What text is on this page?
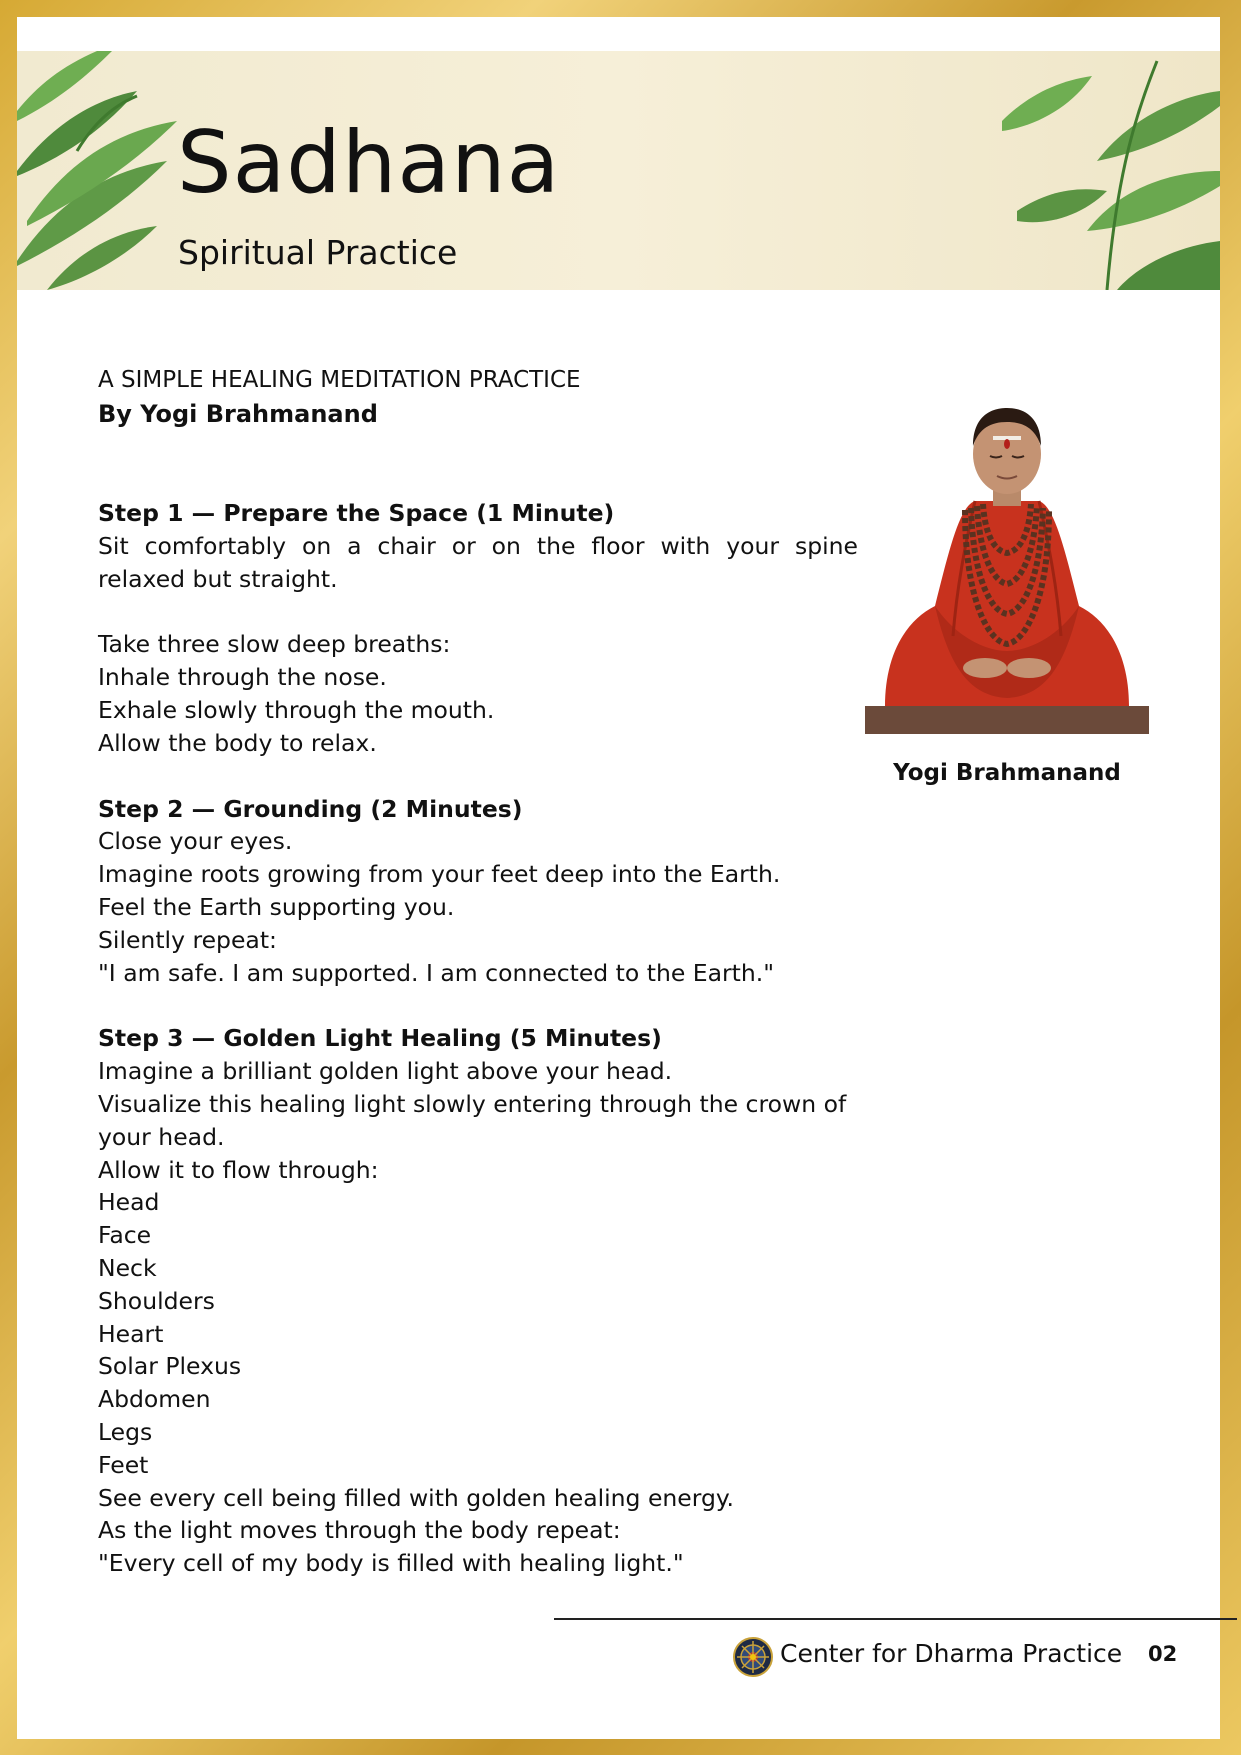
Sadhana

Spiritual Practice

A SIMPLE HEALING MEDITATION PRACTICE
By Yogi Brahmanand

Step 1 — Prepare the Space (1 Minute)

Sit comfortably on a chair or on the floor with your spine relaxed but straight.

Take three slow deep breaths:

Inhale through the nose.

Exhale slowly through the mouth.

Allow the body to relax.

Step 2 — Grounding (2 Minutes)

Close your eyes.

Imagine roots growing from your feet deep into the Earth.

Feel the Earth supporting you.

Silently repeat:

"I am safe. I am supported. I am connected to the Earth."

Step 3 — Golden Light Healing (5 Minutes)

Imagine a brilliant golden light above your head.

Visualize this healing light slowly entering through the crown of your head.

Allow it to flow through:

Head

Face

Neck

Shoulders

Heart

Solar Plexus

Abdomen

Legs

Feet

See every cell being filled with golden healing energy.

As the light moves through the body repeat:

"Every cell of my body is filled with healing light."

Yogi Brahmanand
Center for Dharma Practice 02
